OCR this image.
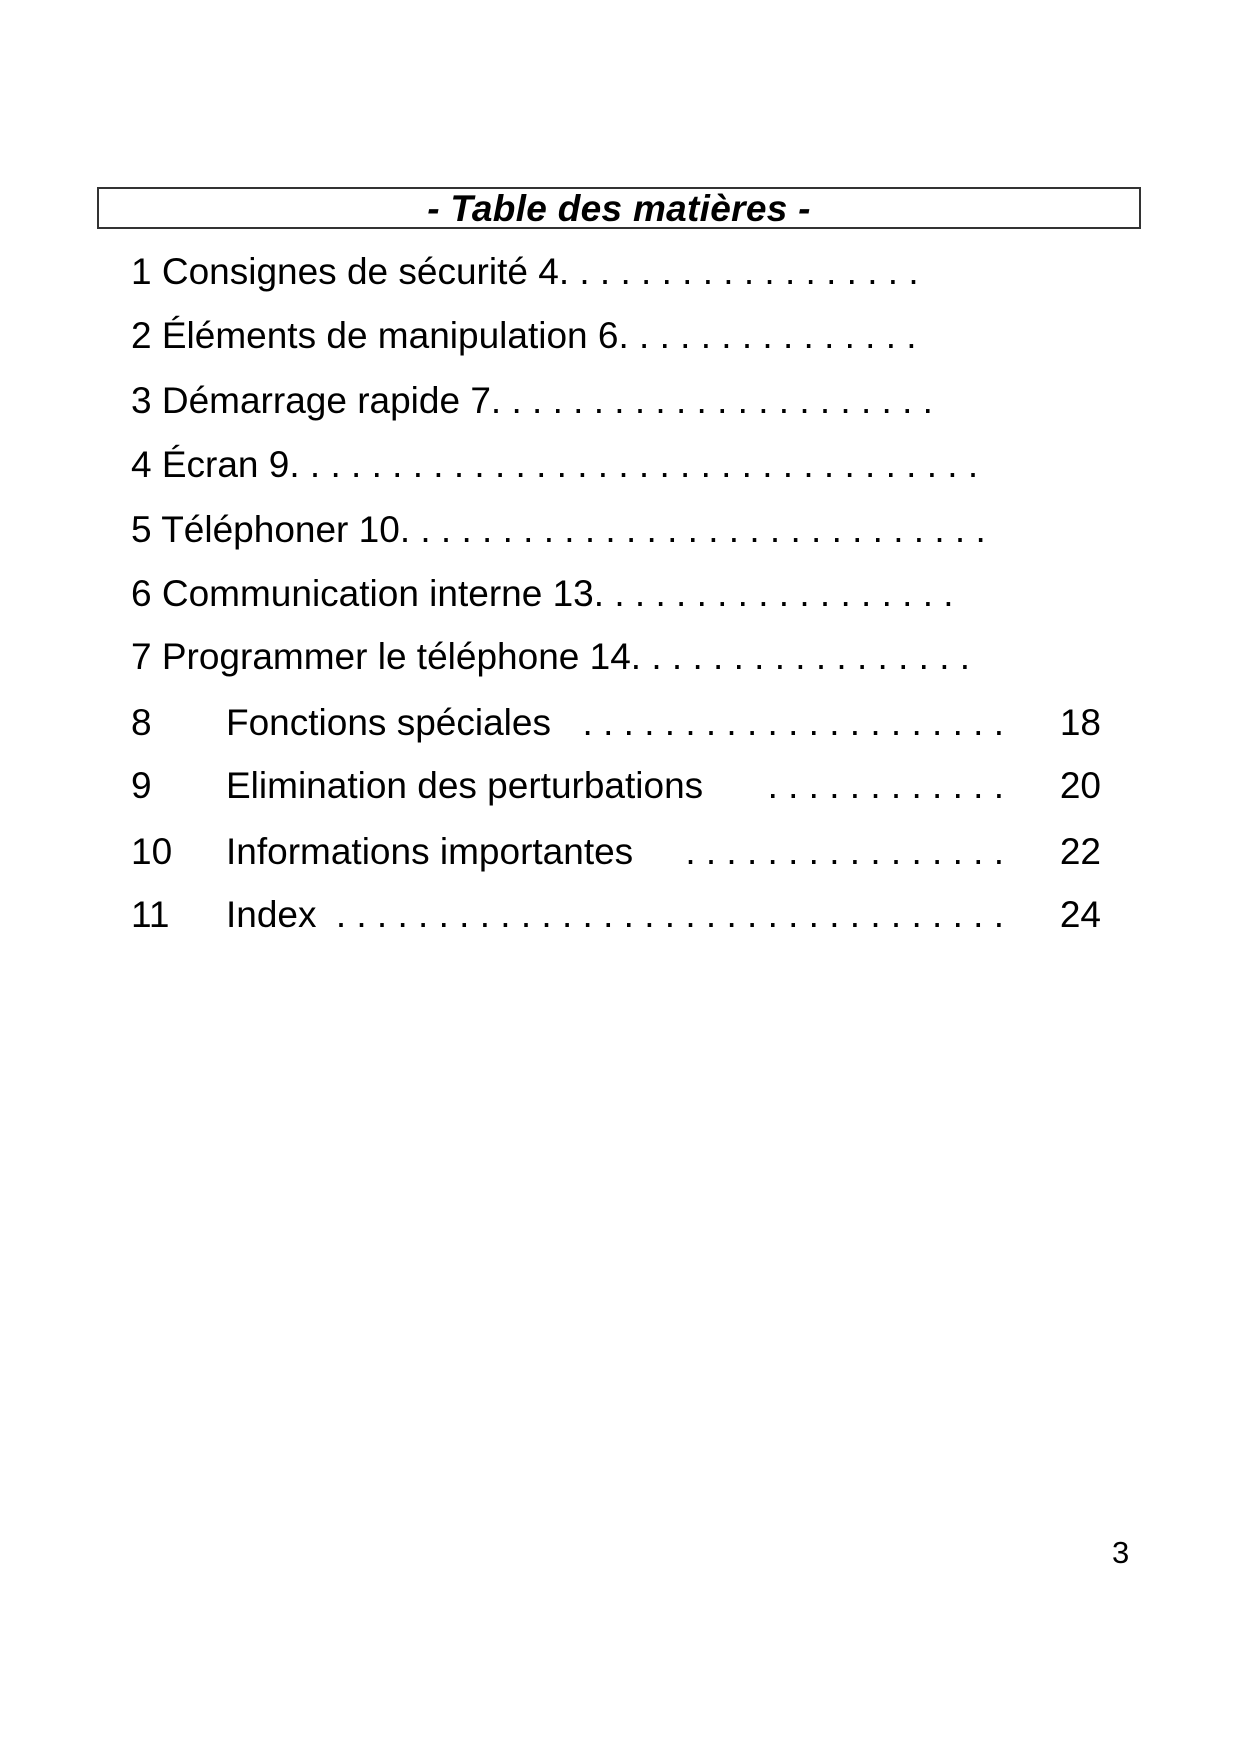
- Table des matières -
1 Consignes de sécurité 4. . . . . . . . . . . . . . . . . .
2 Éléments de manipulation 6. . . . . . . . . . . . . . .
3 Démarrage rapide 7. . . . . . . . . . . . . . . . . . . . . .
4 Écran 9. . . . . . . . . . . . . . . . . . . . . . . . . . . . . . . . . .
5 Téléphoner 10. . . . . . . . . . . . . . . . . . . . . . . . . . . . .
6 Communication interne 13. . . . . . . . . . . . . . . . . .
7 Programmer le téléphone 14. . . . . . . . . . . . . . . . .
8 Fonctions spéciales . . . . . . . . . . . . . . . . . . . . . 18
9 Elimination des perturbations . . . . . . . . . . . . 20
10 Informations importantes . . . . . . . . . . . . . . . . 22
11 Index . . . . . . . . . . . . . . . . . . . . . . . . . . . . . . . . . 24
3
